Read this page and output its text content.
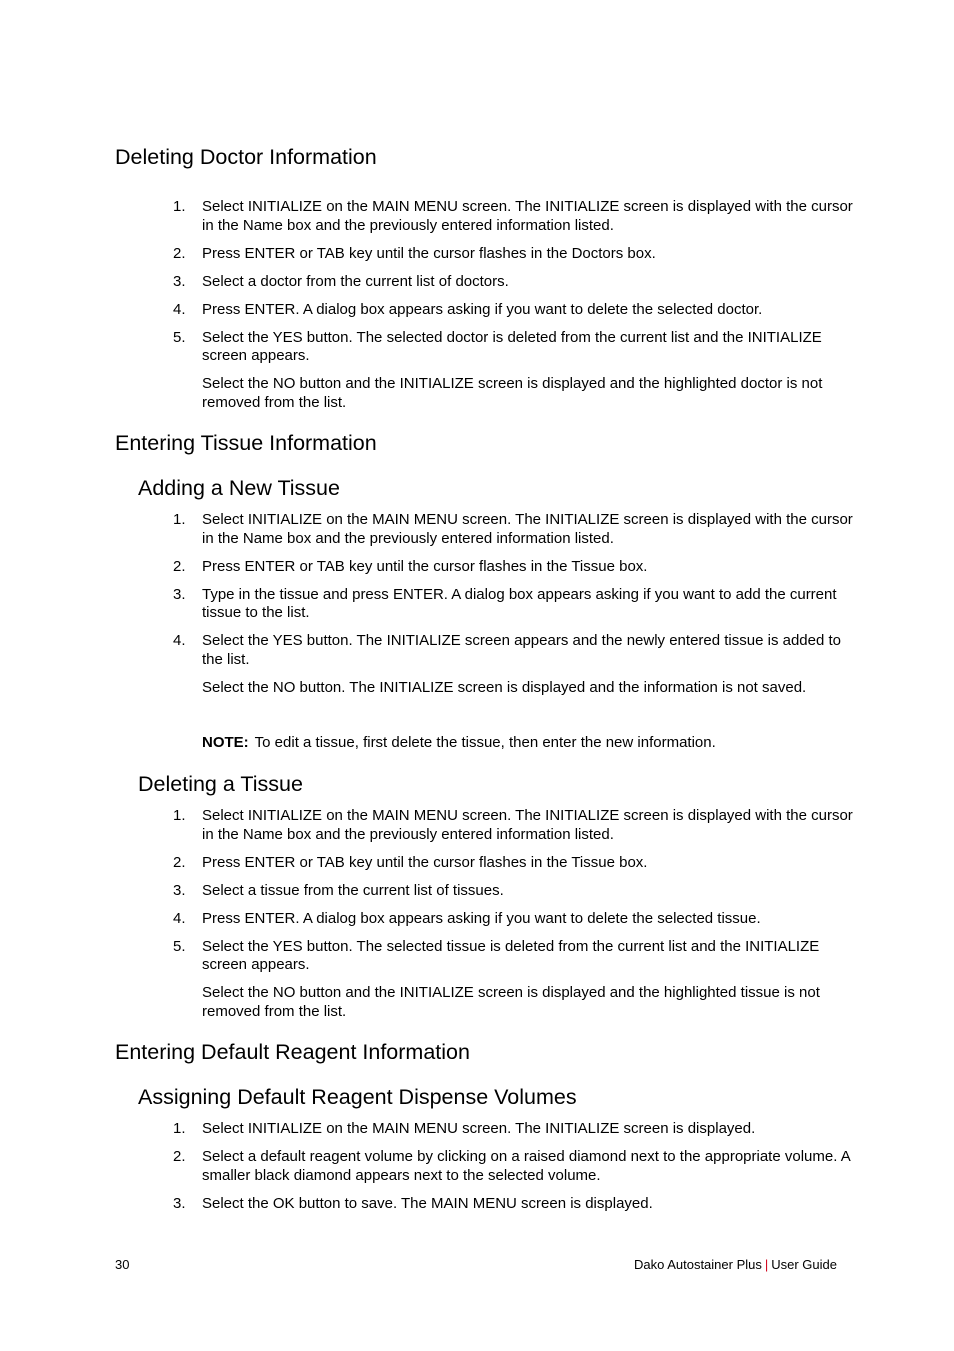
Deleting Doctor Information
1. Select INITIALIZE on the MAIN MENU screen. The INITIALIZE screen is displayed with the cursor in the Name box and the previously entered information listed.
2. Press ENTER or TAB key until the cursor flashes in the Doctors box.
3. Select a doctor from the current list of doctors.
4. Press ENTER. A dialog box appears asking if you want to delete the selected doctor.
5. Select the YES button. The selected doctor is deleted from the current list and the INITIALIZE screen appears.
Select the NO button and the INITIALIZE screen is displayed and the highlighted doctor is not removed from the list.
Entering Tissue Information
Adding a New Tissue
1. Select INITIALIZE on the MAIN MENU screen. The INITIALIZE screen is displayed with the cursor in the Name box and the previously entered information listed.
2. Press ENTER or TAB key until the cursor flashes in the Tissue box.
3. Type in the tissue and press ENTER. A dialog box appears asking if you want to add the current tissue to the list.
4. Select the YES button. The INITIALIZE screen appears and the newly entered tissue is added to the list.
Select the NO button. The INITIALIZE screen is displayed and the information is not saved.
NOTE: To edit a tissue, first delete the tissue, then enter the new information.
Deleting a Tissue
1. Select INITIALIZE on the MAIN MENU screen. The INITIALIZE screen is displayed with the cursor in the Name box and the previously entered information listed.
2. Press ENTER or TAB key until the cursor flashes in the Tissue box.
3. Select a tissue from the current list of tissues.
4. Press ENTER. A dialog box appears asking if you want to delete the selected tissue.
5. Select the YES button. The selected tissue is deleted from the current list and the INITIALIZE screen appears.
Select the NO button and the INITIALIZE screen is displayed and the highlighted tissue is not removed from the list.
Entering Default Reagent Information
Assigning Default Reagent Dispense Volumes
1. Select INITIALIZE on the MAIN MENU screen. The INITIALIZE screen is displayed.
2. Select a default reagent volume by clicking on a raised diamond next to the appropriate volume. A smaller black diamond appears next to the selected volume.
3. Select the OK button to save. The MAIN MENU screen is displayed.
30	Dako Autostainer Plus | User Guide
